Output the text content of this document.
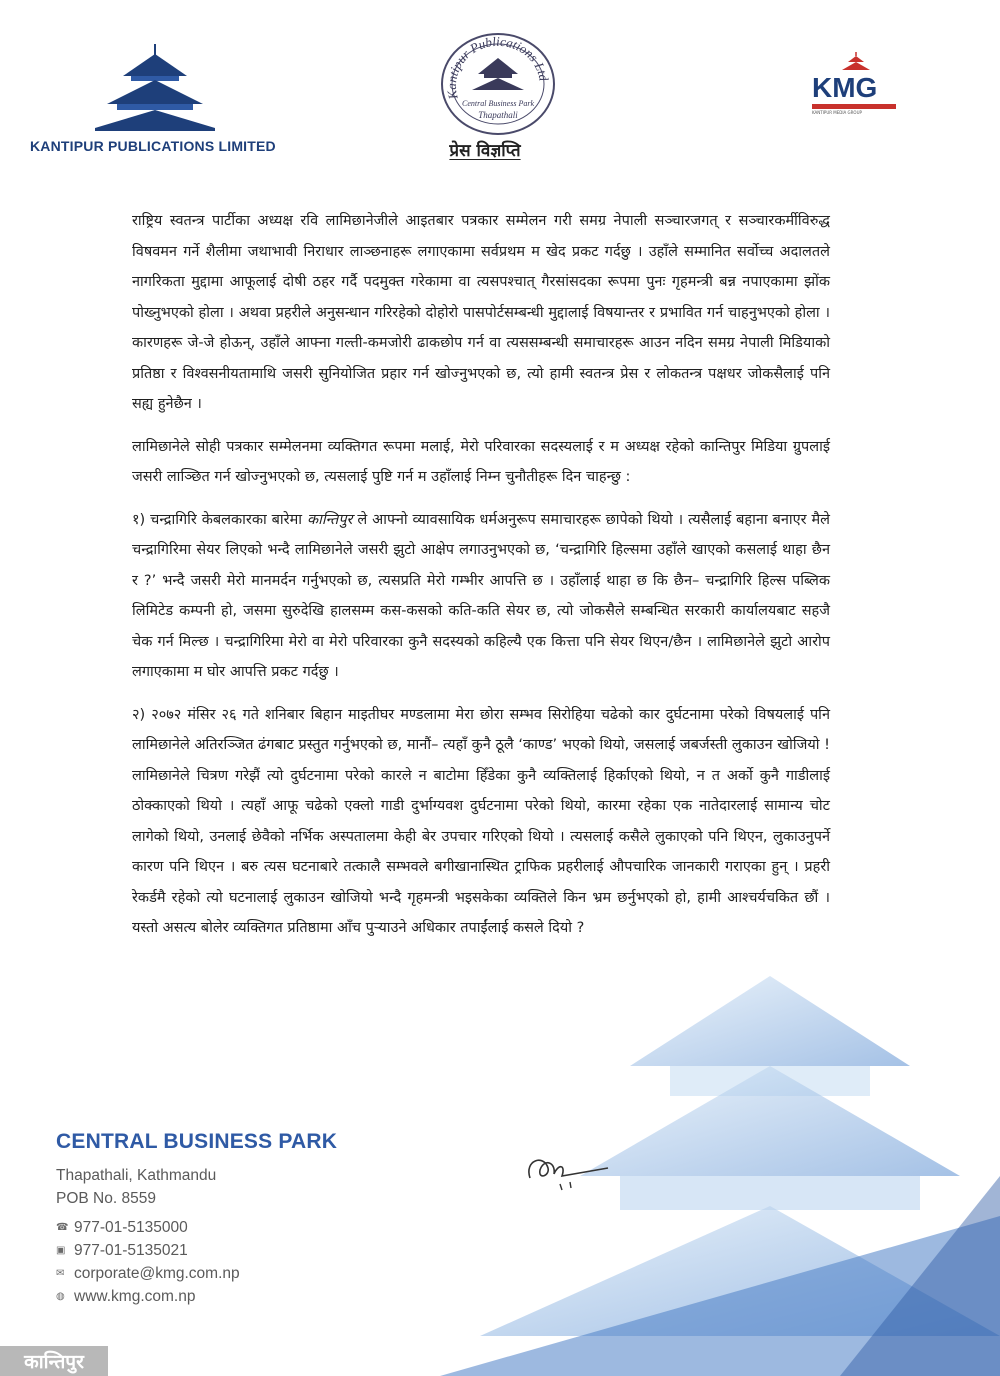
KANTIPUR PUBLICATIONS LIMITED
Kantipur Publications Ltd
Central Business Park
Thapathali
प्रेस विज्ञप्ति
KMG
KANTIPUR MEDIA GROUP

राष्ट्रिय स्वतन्त्र पार्टीका अध्यक्ष रवि लामिछानेजीले आइतबार पत्रकार सम्मेलन गरी समग्र नेपाली सञ्चारजगत् र सञ्चारकर्मीविरुद्ध विषवमन गर्ने शैलीमा जथाभावी निराधार लाञ्छनाहरू लगाएकामा सर्वप्रथम म खेद प्रकट गर्दछु । उहाँले सम्मानित सर्वोच्च अदालतले नागरिकता मुद्दामा आफूलाई दोषी ठहर गर्दै पदमुक्त गरेकामा वा त्यसपश्चात् गैरसांसदका रूपमा पुनः गृहमन्त्री बन्न नपाएकामा झोंक पोख्नुभएको होला । अथवा प्रहरीले अनुसन्धान गरिरहेको दोहोरो पासपोर्टसम्बन्धी मुद्दालाई विषयान्तर र प्रभावित गर्न चाहनुभएको होला । कारणहरू जे-जे होऊन्, उहाँले आफ्ना गल्ती-कमजोरी ढाकछोप गर्न वा त्यससम्बन्धी समाचारहरू आउन नदिन समग्र नेपाली मिडियाको प्रतिष्ठा र विश्वसनीयतामाथि जसरी सुनियोजित प्रहार गर्न खोज्नुभएको छ, त्यो हामी स्वतन्त्र प्रेस र लोकतन्त्र पक्षधर जोकसैलाई पनि सह्य हुनेछैन ।

लामिछानेले सोही पत्रकार सम्मेलनमा व्यक्तिगत रूपमा मलाई, मेरो परिवारका सदस्यलाई र म अध्यक्ष रहेको कान्तिपुर मिडिया ग्रुपलाई जसरी लाञ्छित गर्न खोज्नुभएको छ, त्यसलाई पुष्टि गर्न म उहाँलाई निम्न चुनौतीहरू दिन चाहन्छु :

१) चन्द्रागिरि केबलकारका बारेमा कान्तिपुर ले आफ्नो व्यावसायिक धर्मअनुरूप समाचारहरू छापेको थियो । त्यसैलाई बहाना बनाएर मैले चन्द्रागिरिमा सेयर लिएको भन्दै लामिछानेले जसरी झुटो आक्षेप लगाउनुभएको छ, ‘चन्द्रागिरि हिल्समा उहाँले खाएको कसलाई थाहा छैन र ?’ भन्दै जसरी मेरो मानमर्दन गर्नुभएको छ, त्यसप्रति मेरो गम्भीर आपत्ति छ । उहाँलाई थाहा छ कि छैन– चन्द्रागिरि हिल्स पब्लिक लिमिटेड कम्पनी हो, जसमा सुरुदेखि हालसम्म कस-कसको कति-कति सेयर छ, त्यो जोकसैले सम्बन्धित सरकारी कार्यालयबाट सहजै चेक गर्न मिल्छ । चन्द्रागिरिमा मेरो वा मेरो परिवारका कुनै सदस्यको कहिल्यै एक कित्ता पनि सेयर थिएन/छैन । लामिछानेले झुटो आरोप लगाएकामा म घोर आपत्ति प्रकट गर्दछु ।

२) २०७२ मंसिर २६ गते शनिबार बिहान माइतीघर मण्डलामा मेरा छोरा सम्भव सिरोहिया चढेको कार दुर्घटनामा परेको विषयलाई पनि लामिछानेले अतिरञ्जित ढंगबाट प्रस्तुत गर्नुभएको छ, मानौं– त्यहाँ कुनै ठूलै ‘काण्ड’ भएको थियो, जसलाई जबर्जस्ती लुकाउन खोजियो ! लामिछानेले चित्रण गरेझैं त्यो दुर्घटनामा परेको कारले न बाटोमा हिँडेका कुनै व्यक्तिलाई हिर्काएको थियो, न त अर्को कुनै गाडीलाई ठोक्काएको थियो । त्यहाँ आफू चढेको एक्लो गाडी दुर्भाग्यवश दुर्घटनामा परेको थियो, कारमा रहेका एक नातेदारलाई सामान्य चोट लागेको थियो, उनलाई छेवैको नर्भिक अस्पतालमा केही बेर उपचार गरिएको थियो । त्यसलाई कसैले लुकाएको पनि थिएन, लुकाउनुपर्ने कारण पनि थिएन । बरु त्यस घटनाबारे तत्कालै सम्भवले बगीखानास्थित ट्राफिक प्रहरीलाई औपचारिक जानकारी गराएका हुन् । प्रहरी रेकर्डमै रहेको त्यो घटनालाई लुकाउन खोजियो भन्दै गृहमन्त्री भइसकेका व्यक्तिले किन भ्रम छर्नुभएको हो, हामी आश्चर्यचकित छौं । यस्तो असत्य बोलेर व्यक्तिगत प्रतिष्ठामा आँच पुर्‍याउने अधिकार तपाईंलाई कसले दियो ?

CENTRAL BUSINESS PARK
Thapathali, Kathmandu
POB No. 8559
☎ 977-01-5135000
▣ 977-01-5135021
✉ corporate@kmg.com.np
◍ www.kmg.com.np
कान्तिपुर
